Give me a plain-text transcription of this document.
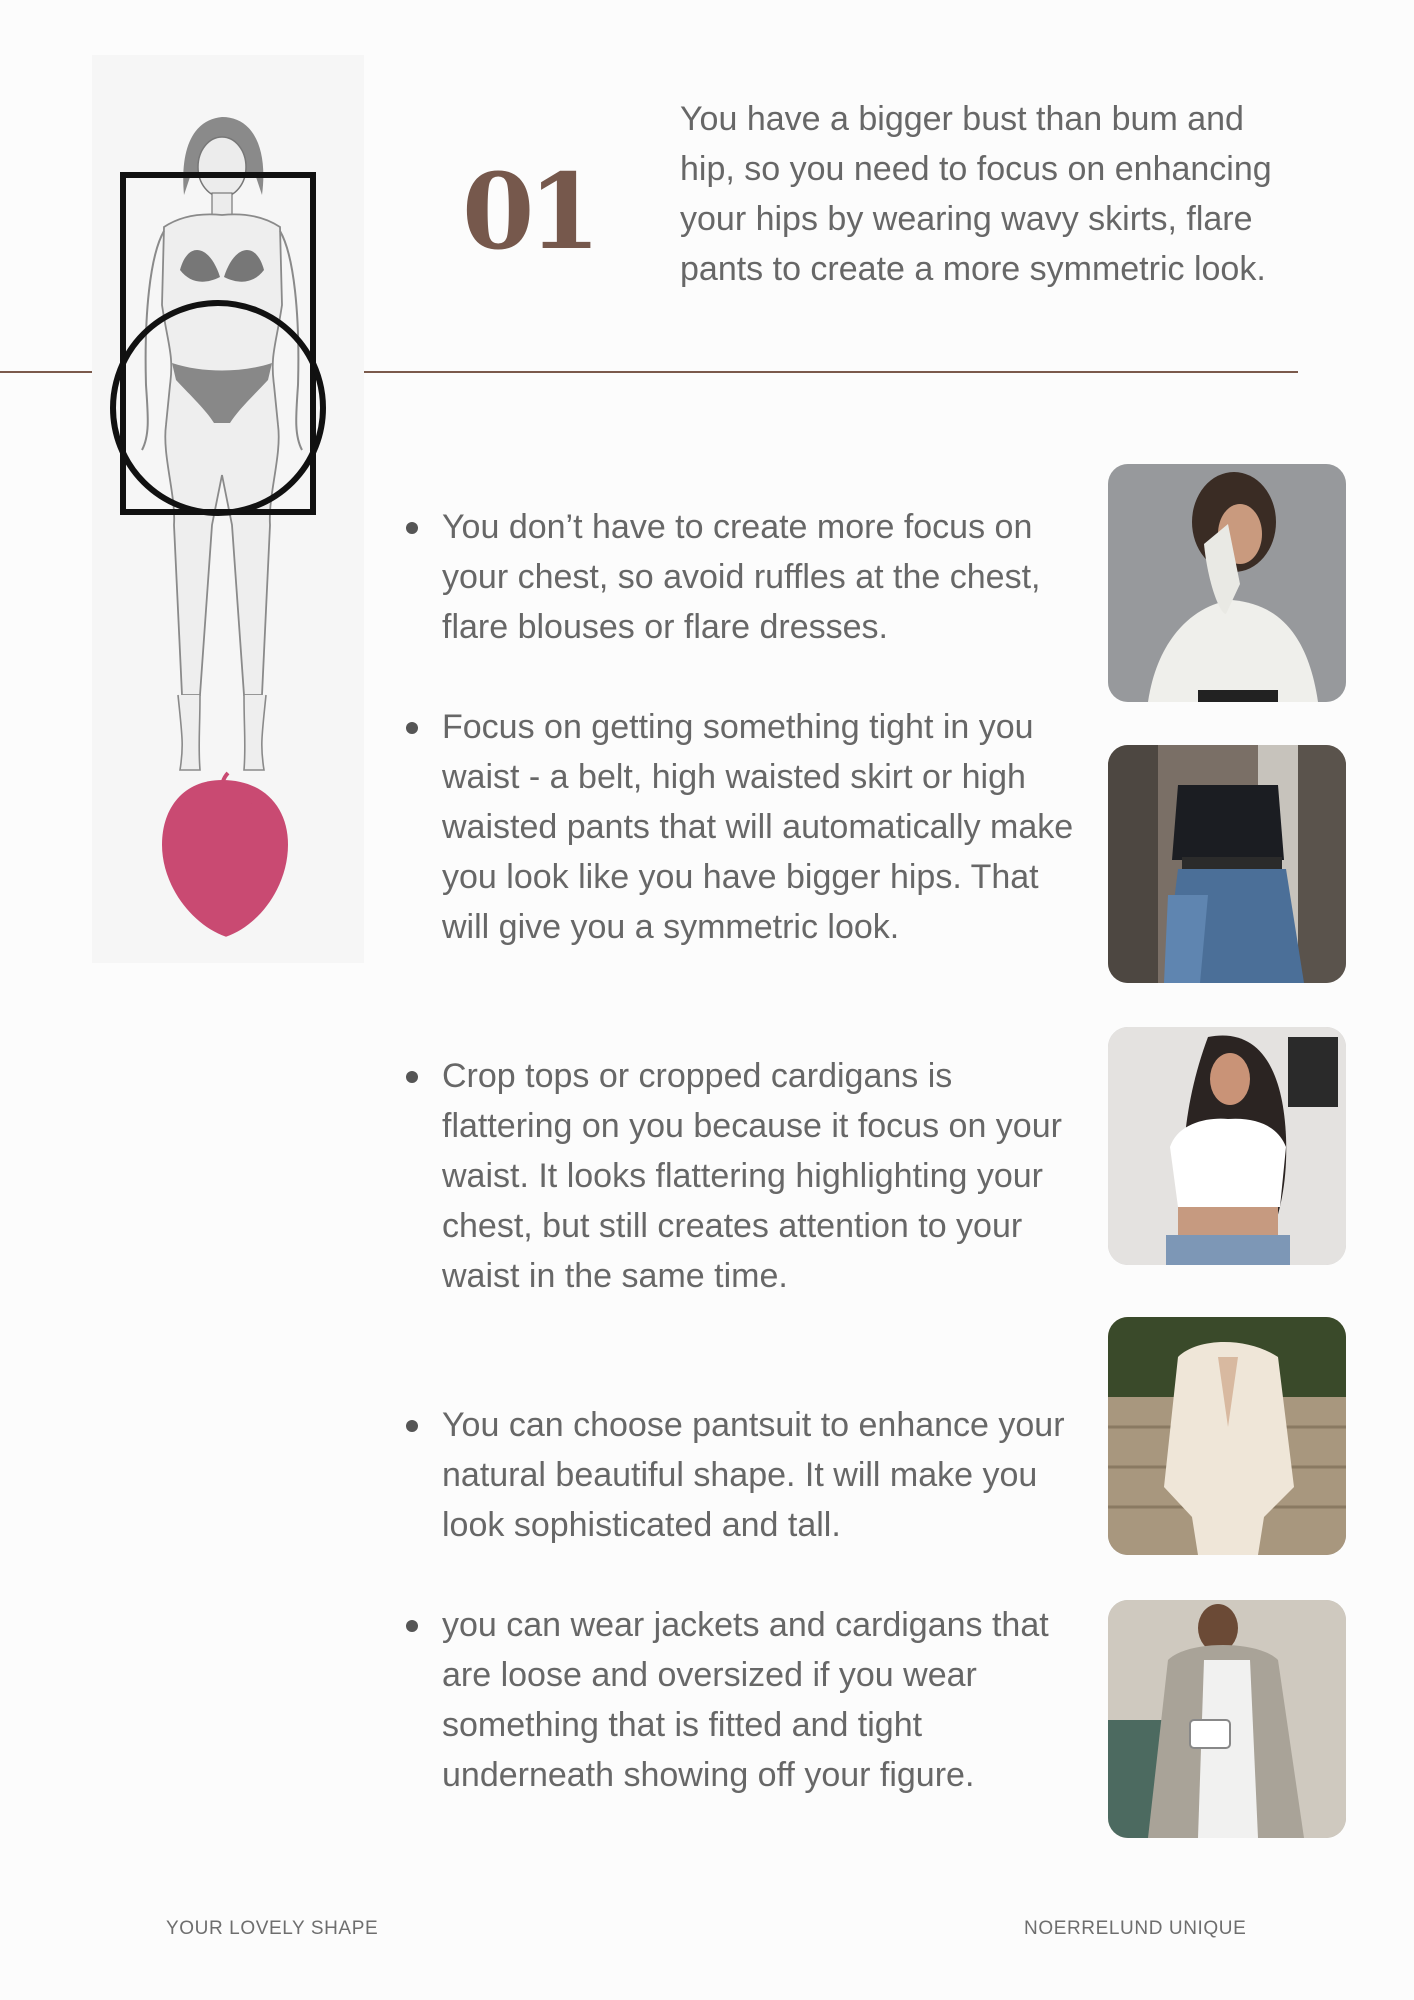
01

You have a bigger bust than bum and hip, so you need to focus on enhancing your hips by wearing wavy skirts, flare pants to create a more symmetric look.

You don’t have to create more focus on your chest, so avoid ruffles at the chest, flare blouses or flare dresses.
Focus on getting something tight in you waist - a belt, high waisted skirt or high waisted pants that will automatically make you look like you have bigger hips. That will give you a symmetric look.
Crop tops or cropped cardigans is flattering on you because it focus on your waist. It looks flattering highlighting your chest, but still creates attention to your waist in the same time.
You can choose pantsuit to enhance your natural beautiful shape. It will make you look sophisticated and tall.
you can wear jackets and cardigans that are loose and oversized if you wear something that is fitted and tight underneath showing off your figure.
YOUR LOVELY SHAPE	NOERRELUND UNIQUE
